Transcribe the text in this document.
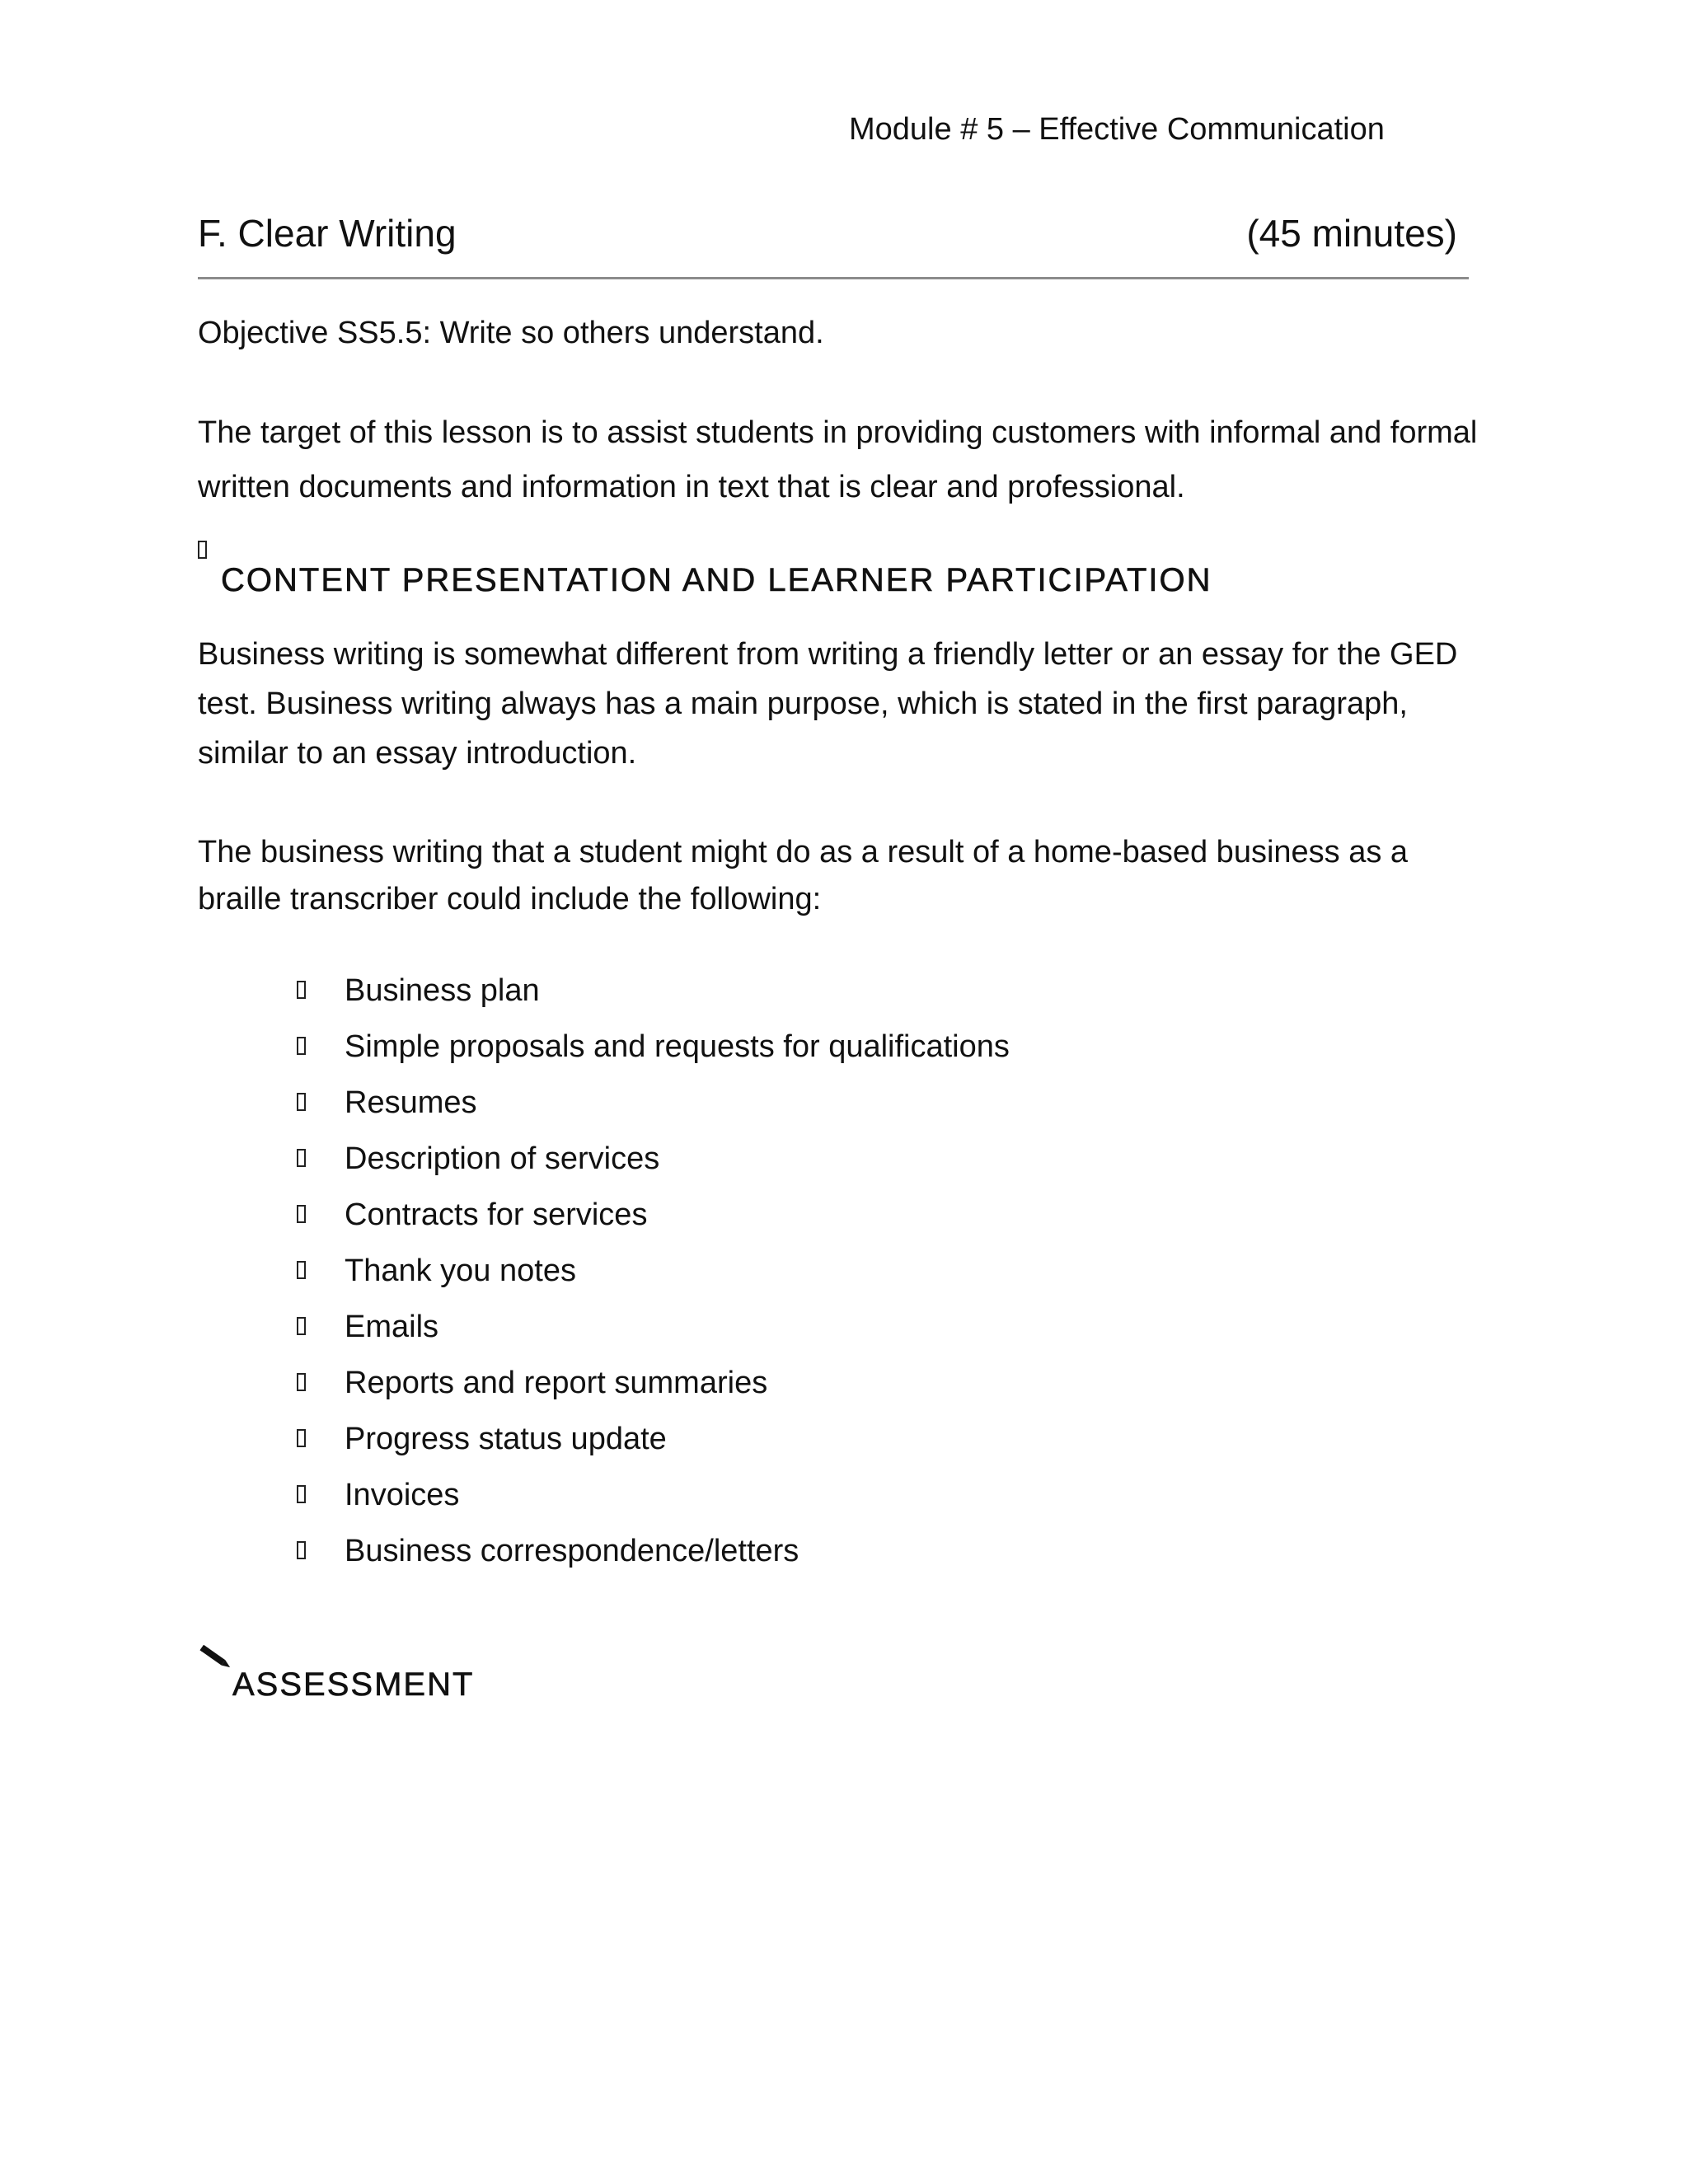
Module # 5 – Effective Communication
F. Clear Writing	(45 minutes)
Objective SS5.5: Write so others understand.
The target of this lesson is to assist students in providing customers with informal and formal written documents and information in text that is clear and professional.
CONTENT PRESENTATION AND LEARNER PARTICIPATION
Business writing is somewhat different from writing a friendly letter or an essay for the GED test. Business writing always has a main purpose, which is stated in the first paragraph, similar to an essay introduction.
The business writing that a student might do as a result of a home-based business as a braille transcriber could include the following:
Business plan
Simple proposals and requests for qualifications
Resumes
Description of services
Contracts for services
Thank you notes
Emails
Reports and report summaries
Progress status update
Invoices
Business correspondence/letters
ASSESSMENT
